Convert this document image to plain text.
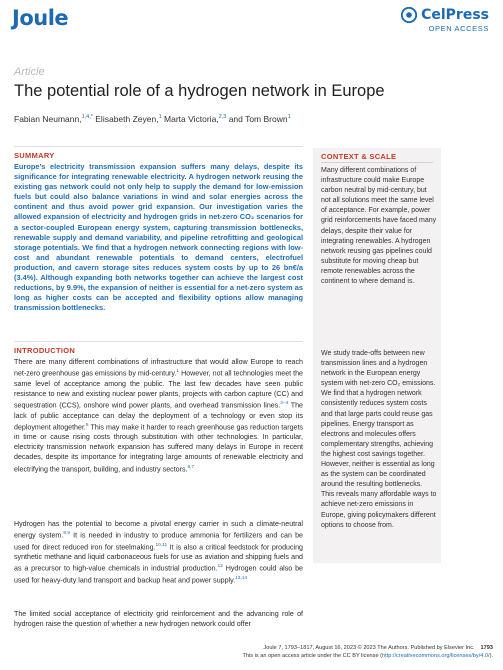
Joule	CelPress
OPEN ACCESS
Article
The potential role of a hydrogen network in Europe
Fabian Neumann,$^{1,4,*}$ Elisabeth Zeyen,$^1$ Marta Victoria,$^{2,3}$ and Tom Brown$^1$
SUMMARY
Europe’s electricity transmission expansion suffers many delays, despite its significance for integrating renewable electricity. A hydrogen network reusing the existing gas network could not only help to supply the demand for low-emission fuels but could also balance variations in wind and solar energies across the continent and thus avoid power grid expansion. Our investigation varies the allowed expansion of electricity and hydrogen grids in net-zero CO₂ scenarios for a sector-coupled European energy system, capturing transmission bottlenecks, renewable supply and demand variability, and pipeline retrofitting and geological storage potentials. We find that a hydrogen network connecting regions with low-cost and abundant renewable potentials to demand centers, electrofuel production, and cavern storage sites reduces system costs by up to 26 bn€/a (3.4%). Although expanding both networks together can achieve the largest cost reductions, by 9.9%, the expansion of neither is essential for a net-zero system as long as higher costs can be accepted and flexibility options allow managing transmission bottlenecks.
INTRODUCTION
There are many different combinations of infrastructure that would allow Europe to reach net-zero greenhouse gas emissions by mid-century.$^1$ However, not all technologies meet the same level of acceptance among the public. The last few decades have seen public resistance to new and existing nuclear power plants, projects with carbon capture (CC) and sequestration (CCS), onshore wind power plants, and overhead transmission lines.$^{2-4}$ The lack of public acceptance can delay the deployment of a technology or even stop its deployment altogether.$^5$ This may make it harder to reach greenhouse gas reduction targets in time or cause rising costs through substitution with other technologies. In particular, electricity transmission network expansion has suffered many delays in Europe in recent decades, despite its importance for integrating large amounts of renewable electricity and electrifying the transport, building, and industry sectors.$^{6,7}$
Hydrogen has the potential to become a pivotal energy carrier in such a climate-neutral energy system.$^{8,9}$ It is needed in industry to produce ammonia for fertilizers and can be used for direct reduced iron for steelmaking.$^{10,11}$ It is also a critical feedstock for producing synthetic methane and liquid carbonaceous fuels for use as aviation and shipping fuels and as a precursor to high-value chemicals in industrial production.$^{12}$ Hydrogen could also be used for heavy-duty land transport and backup heat and power supply.$^{13,14}$
The limited social acceptance of electricity grid reinforcement and the advancing role of hydrogen raise the question of whether a new hydrogen network could offer
CONTEXT & SCALE
Many different combinations of infrastructure could make Europe carbon neutral by mid-century, but not all solutions meet the same level of acceptance. For example, power grid reinforcements have faced many delays, despite their value for integrating renewables. A hydrogen network reusing gas pipelines could substitute for moving cheap but remote renewables across the continent to where demand is.
We study trade-offs between new transmission lines and a hydrogen network in the European energy system with net-zero CO₂ emissions. We find that a hydrogen network consistently reduces system costs and that large parts could reuse gas pipelines. Energy transport as electrons and molecules offers complementary strengths, achieving the highest cost savings together. However, neither is essential as long as the system can be coordinated around the resulting bottlenecks. This reveals many affordable ways to achieve net-zero emissions in Europe, giving policymakers different options to choose from.
Joule 7, 1793–1817, August 16, 2023 © 2023 The Authors. Published by Elsevier Inc. 1793
This is an open access article under the CC BY license (http://creativecommons.org/licenses/by/4.0/).
